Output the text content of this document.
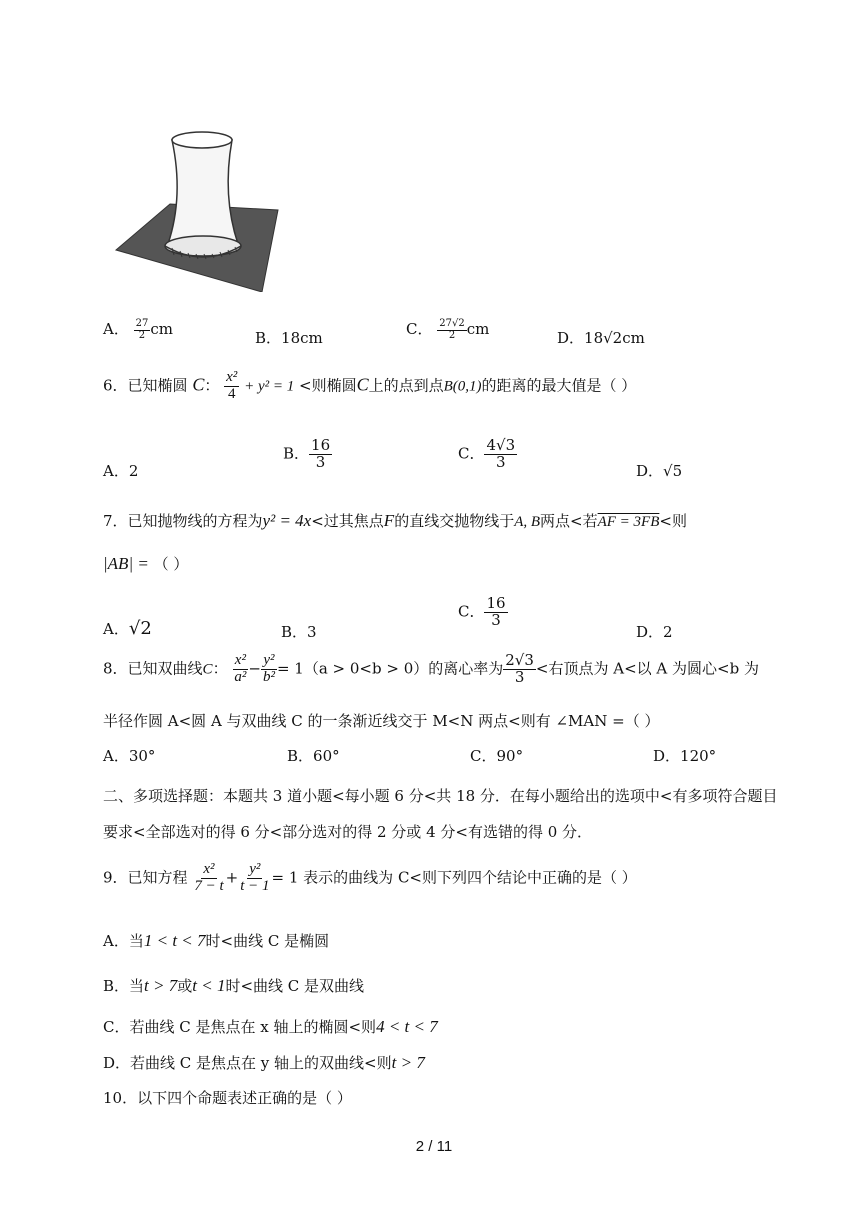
A． $\frac{27}{2}$ cm	B．18cm	C． $\frac{27√2}{2}$ cm	D．18√2cm
6．已知椭圆 C： $\frac{\text{x²}}{4} + y^2 = 1$ <则椭圆C上的点到点B(0,1)的距离的最大值是（ ）
A．2
B． $\frac{16}{3}$	C． $\frac{4√3}{3}$
D．√5
7．已知抛物线的方程为y² = 4x<过其焦点F的直线交抛物线于A, B两点<若AF = 3FB<则
|AB| = （ ）
A．√2	B．3
C． $\frac{16}{3}$
D．2
8．已知双曲线C： $\frac{\text{x²}}{\text{a²}} - \frac{\text{y²}}{\text{b²}} = 1(a > 0<b > 0)$的离心率为 $\frac{2√3}{3}$ <右顶点为 A<以 A 为圆心<b 为
半径作圆 A<圆 A 与双曲线 C 的一条渐近线交于 M<N 两点<则有 ∠MAN =（ ）
A．30°	B．60°	C．90°	D．120°
二、多项选择题：本题共 3 道小题<每小题 6 分<共 18 分．在每小题给出的选项中<有多项符合题目
要求<全部选对的得 6 分<部分选对的得 2 分或 4 分<有选错的得 0 分．
9．已知方程 $\frac{\text{x²}}{7 - t} + \frac{\text{y²}}{t - 1} = 1$ 表示的曲线为 C<则下列四个结论中正确的是（ ）
A．当1 < t < 7时<曲线 C 是椭圆
B．当t > 7或t < 1时<曲线 C 是双曲线
C．若曲线 C 是焦点在 x 轴上的椭圆<则4 < t < 7
D．若曲线 C 是焦点在 y 轴上的双曲线<则t > 7
10．以下四个命题表述正确的是（ ）
2 / 11
